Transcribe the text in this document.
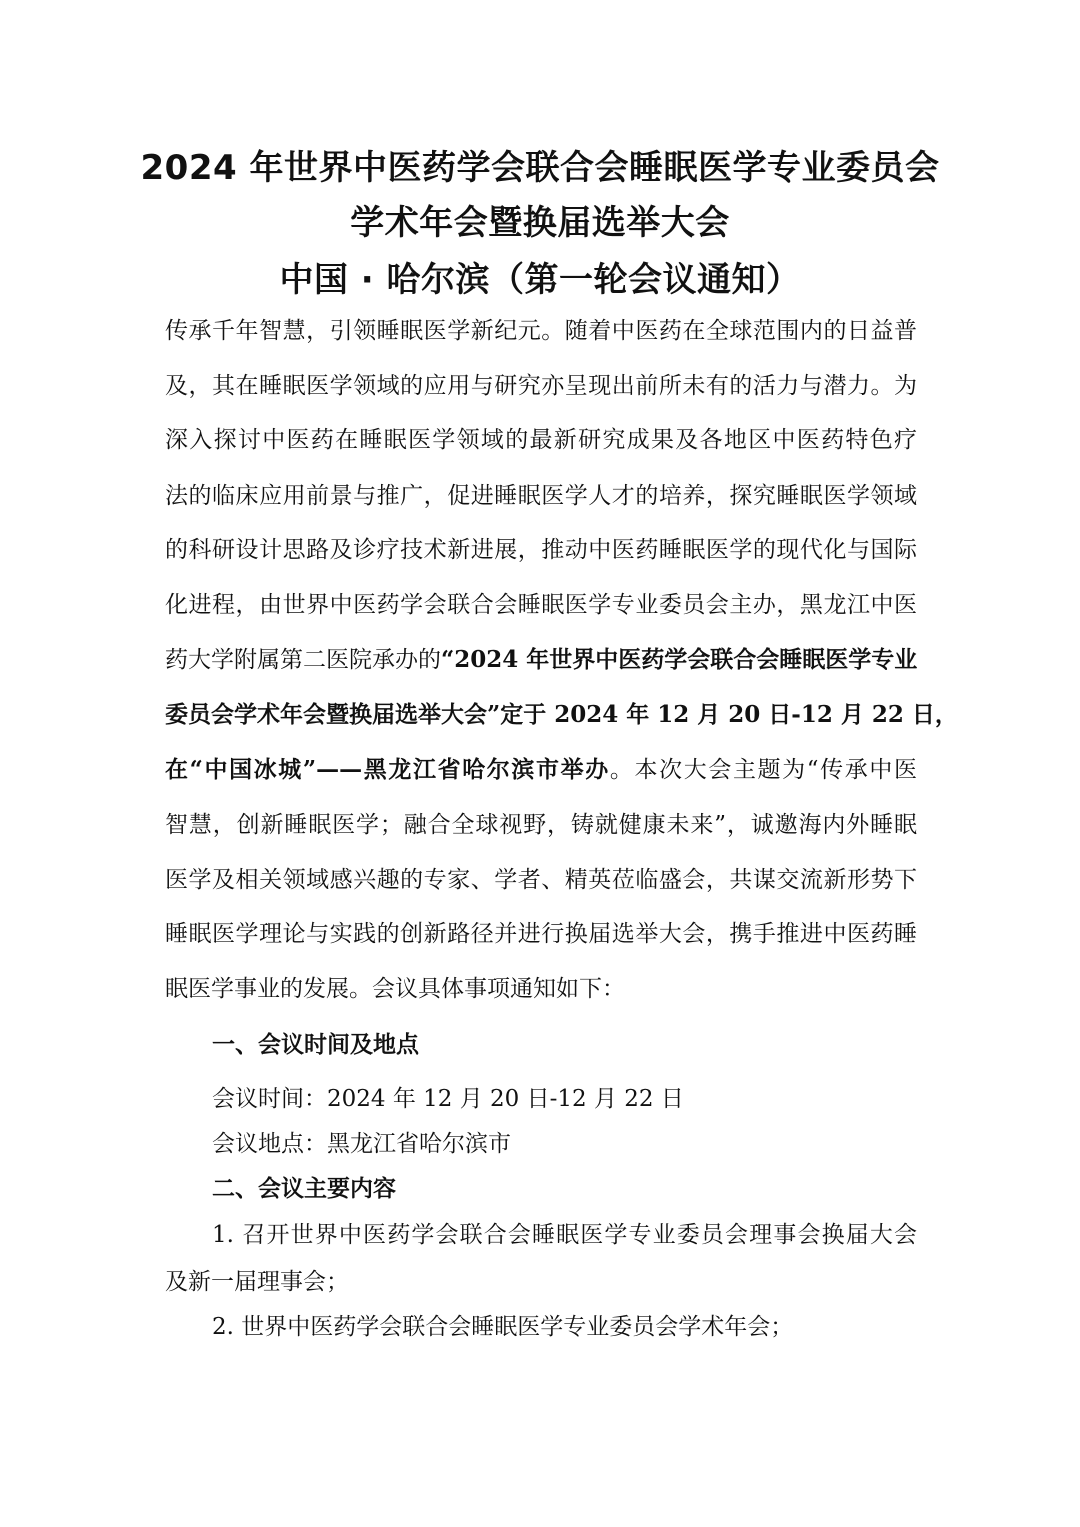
2024 年世界中医药学会联合会睡眠医学专业委员会
学术年会暨换届选举大会
中国 · 哈尔滨（第一轮会议通知）
传承千年智慧，引领睡眠医学新纪元。随着中医药在全球范围内的日益普
及，其在睡眠医学领域的应用与研究亦呈现出前所未有的活力与潜力。为
深入探讨中医药在睡眠医学领域的最新研究成果及各地区中医药特色疗
法的临床应用前景与推广，促进睡眠医学人才的培养，探究睡眠医学领域
的科研设计思路及诊疗技术新进展，推动中医药睡眠医学的现代化与国际
化进程，由世界中医药学会联合会睡眠医学专业委员会主办，黑龙江中医
药大学附属第二医院承办的“2024 年世界中医药学会联合会睡眠医学专业
委员会学术年会暨换届选举大会”定于 2024 年 12 月 20 日-12 月 22 日，
在“中国冰城”——黑龙江省哈尔滨市举办。本次大会主题为“传承中医
智慧，创新睡眠医学；融合全球视野，铸就健康未来”，诚邀海内外睡眠
医学及相关领域感兴趣的专家、学者、精英莅临盛会，共谋交流新形势下
睡眠医学理论与实践的创新路径并进行换届选举大会，携手推进中医药睡
眠医学事业的发展。会议具体事项通知如下：
一、会议时间及地点
会议时间：2024 年 12 月 20 日-12 月 22 日
会议地点：黑龙江省哈尔滨市
二、会议主要内容
1. 召开世界中医药学会联合会睡眠医学专业委员会理事会换届大会
及新一届理事会；
2. 世界中医药学会联合会睡眠医学专业委员会学术年会；
